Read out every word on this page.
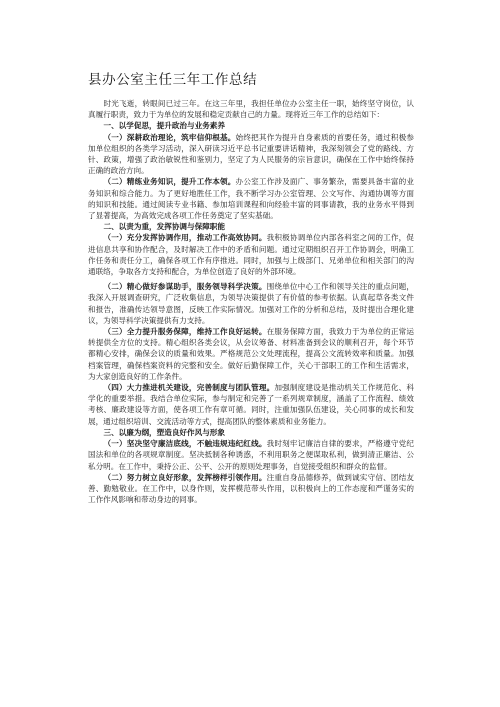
县办公室主任三年工作总结

时光飞逝，转眼间已过三年。在这三年里，我担任单位办公室主任一职，始终坚守岗位，认真履行职责，致力于为单位的发展和稳定贡献自己的力量。现将近三年工作的总结如下：

一、以学促思，提升政治与业务素养

（一）深耕政治理论，筑牢信仰根基。始终把其作为提升自身素质的首要任务，通过积极参加单位组织的各类学习活动，深入研读习近平总书记重要讲话精神，我深刻领会了党的路线、方针、政策，增强了政治敏锐性和鉴别力，坚定了为人民服务的宗旨意识，确保在工作中始终保持正确的政治方向。

（二）精练业务知识，提升工作本领。办公室工作涉及面广、事务繁杂，需要具备丰富的业务知识和综合能力。为了更好地胜任工作，我不断学习办公室管理、公文写作、沟通协调等方面的知识和技能。通过阅读专业书籍、参加培训课程和向经验丰富的同事请教，我的业务水平得到了显著提高，为高效完成各项工作任务奠定了坚实基础。

二、以责为重，发挥协调与保障职能

（一）充分发挥协调作用，推动工作高效协同。我积极协调单位内部各科室之间的工作，促进信息共享和协作配合，及时解决工作中的矛盾和问题。通过定期组织召开工作协调会，明确工作任务和责任分工，确保各项工作有序推进。同时，加强与上级部门、兄弟单位和相关部门的沟通联络，争取各方支持和配合，为单位创造了良好的外部环境。

（二）精心做好参谋助手，服务领导科学决策。围绕单位中心工作和领导关注的重点问题，我深入开展调查研究，广泛收集信息，为领导决策提供了有价值的参考依据。认真起草各类文件和报告，准确传达领导意图，反映工作实际情况。加强对工作的分析和总结，及时提出合理化建议，为领导科学决策提供有力支持。

（三）全力提升服务保障，维持工作良好运转。在服务保障方面，我致力于为单位的正常运转提供全方位的支持。精心组织各类会议，从会议筹备、材料准备到会议的顺利召开，每个环节都精心安排，确保会议的质量和效果。严格规范公文处理流程，提高公文流转效率和质量。加强档案管理，确保档案资料的完整和安全。做好后勤保障工作，关心干部职工的工作和生活需求，为大家创造良好的工作条件。

（四）大力推进机关建设，完善制度与团队管理。加强制度建设是推动机关工作规范化、科学化的重要举措。我结合单位实际，参与制定和完善了一系列规章制度，涵盖了工作流程、绩效考核、廉政建设等方面，使各项工作有章可循。同时，注重加强队伍建设，关心同事的成长和发展，通过组织培训、交流活动等方式，提高团队的整体素质和业务能力。

三、以廉为纲，塑造良好作风与形象

（一）坚决坚守廉洁底线，不触违规违纪红线。我时刻牢记廉洁自律的要求，严格遵守党纪国法和单位的各项规章制度。坚决抵制各种诱惑，不利用职务之便谋取私利，做到清正廉洁、公私分明。在工作中，秉持公正、公平、公开的原则处理事务，自觉接受组织和群众的监督。

（二）努力树立良好形象，发挥榜样引领作用。注重自身品德修养，做到诚实守信、团结友善、勤勉敬业。在工作中，以身作则，发挥模范带头作用，以积极向上的工作态度和严谨务实的工作作风影响和带动身边的同事。
